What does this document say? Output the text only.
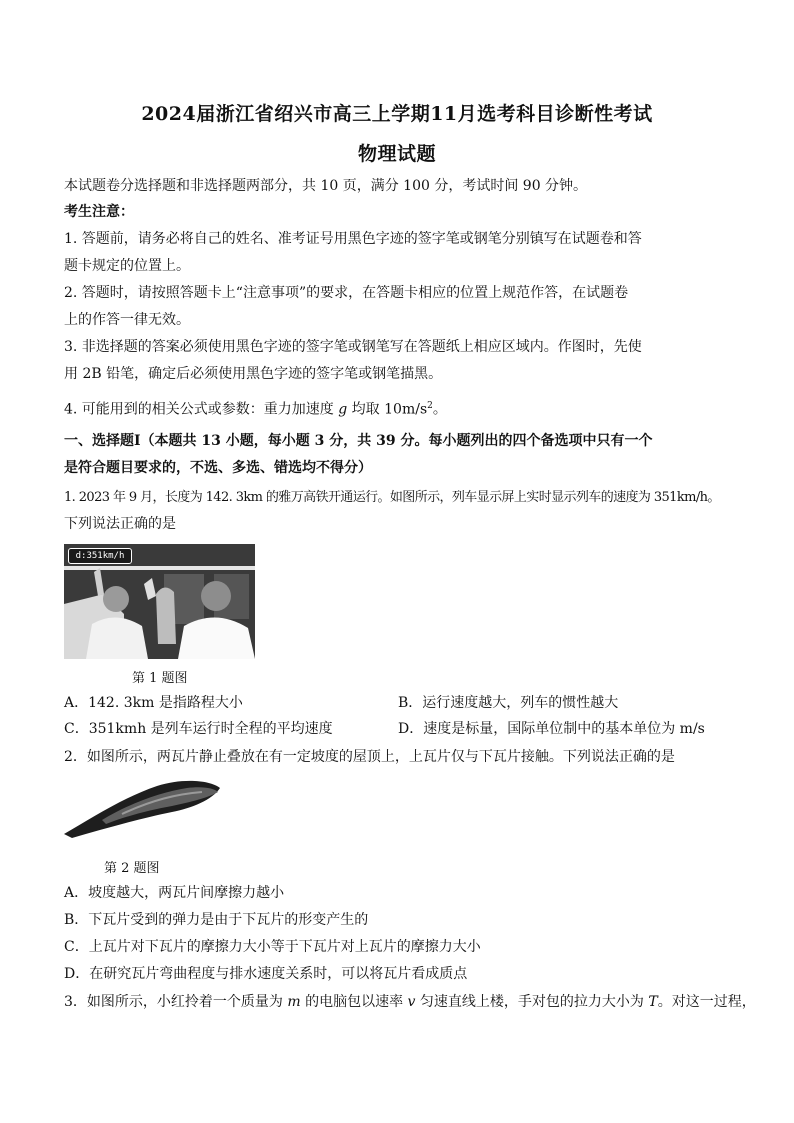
2024届浙江省绍兴市高三上学期11月选考科目诊断性考试
物理试题
本试题卷分选择题和非选择题两部分，共 10 页，满分 100 分，考试时间 90 分钟。
考生注意：
1. 答题前，请务必将自己的姓名、准考证号用黑色字迹的签字笔或钢笔分别镇写在试题卷和答
题卡规定的位置上。
2. 答题时，请按照答题卡上“注意事项”的要求，在答题卡相应的位置上规范作答，在试题卷
上的作答一律无效。
3. 非选择题的答案必须使用黑色字迹的签字笔或钢笔写在答题纸上相应区域内。作图时，先使
用 2B 铅笔，确定后必须使用黑色字迹的签字笔或钢笔描黑。
4. 可能用到的相关公式或参数：重力加速度 g 均取 $10m/s^2$。
一、选择题Ⅰ（本题共 13 小题，每小题 3 分，共 39 分。每小题列出的四个备选项中只有一个
是符合题目要求的，不选、多选、错选均不得分）
1. 2023 年 9 月，长度为 142. 3km 的雅万高铁开通运行。如图所示，列车显示屏上实时显示列车的速度为 351km/h。
下列说法正确的是
d:351km/h
第 1 题图
A．142. 3km 是指路程大小	B．运行速度越大，列车的惯性越大
C．351kmh 是列车运行时全程的平均速度	D．速度是标量，国际单位制中的基本单位为 m/s
2．如图所示，两瓦片静止叠放在有一定坡度的屋顶上，上瓦片仅与下瓦片接触。下列说法正确的是
第 2 题图
A．坡度越大，两瓦片间摩擦力越小
B．下瓦片受到的弹力是由于下瓦片的形变产生的
C．上瓦片对下瓦片的摩擦力大小等于下瓦片对上瓦片的摩擦力大小
D．在研究瓦片弯曲程度与排水速度关系时，可以将瓦片看成质点
3．如图所示，小红拎着一个质量为 m 的电脑包以速率 v 匀速直线上楼，手对包的拉力大小为 T。对这一过程，
